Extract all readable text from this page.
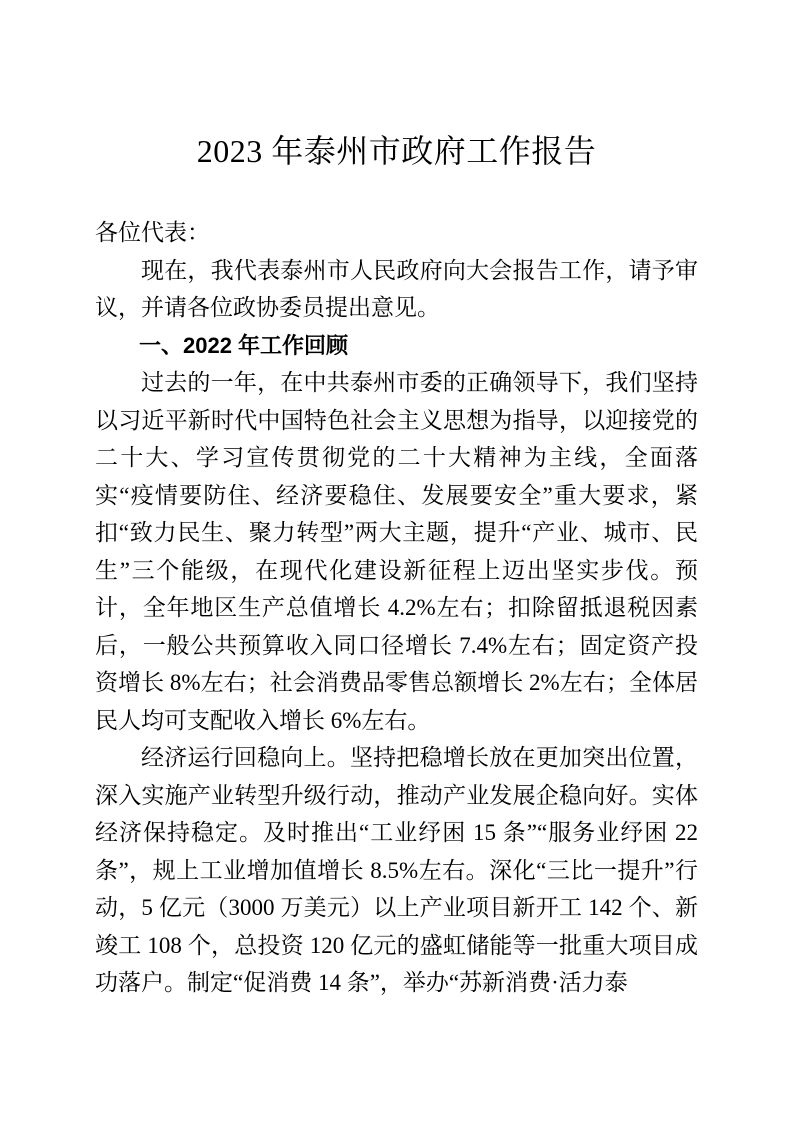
2023 年泰州市政府工作报告

各位代表：

现在，我代表泰州市人民政府向大会报告工作，请予审议，并请各位政协委员提出意见。

一、2022 年工作回顾

过去的一年，在中共泰州市委的正确领导下，我们坚持以习近平新时代中国特色社会主义思想为指导，以迎接党的二十大、学习宣传贯彻党的二十大精神为主线，全面落实“疫情要防住、经济要稳住、发展要安全”重大要求，紧扣“致力民生、聚力转型”两大主题，提升“产业、城市、民生”三个能级，在现代化建设新征程上迈出坚实步伐。预计，全年地区生产总值增长 4.2%左右；扣除留抵退税因素后，一般公共预算收入同口径增长 7.4%左右；固定资产投资增长 8%左右；社会消费品零售总额增长 2%左右；全体居民人均可支配收入增长 6%左右。

经济运行回稳向上。坚持把稳增长放在更加突出位置，深入实施产业转型升级行动，推动产业发展企稳向好。实体经济保持稳定。及时推出“工业纾困 15 条”“服务业纾困 22 条”，规上工业增加值增长 8.5%左右。深化“三比一提升”行动，5 亿元（3000 万美元）以上产业项目新开工 142 个、新竣工 108 个，总投资 120 亿元的盛虹储能等一批重大项目成功落户。制定“促消费 14 条”，举办“苏新消费·活力泰
